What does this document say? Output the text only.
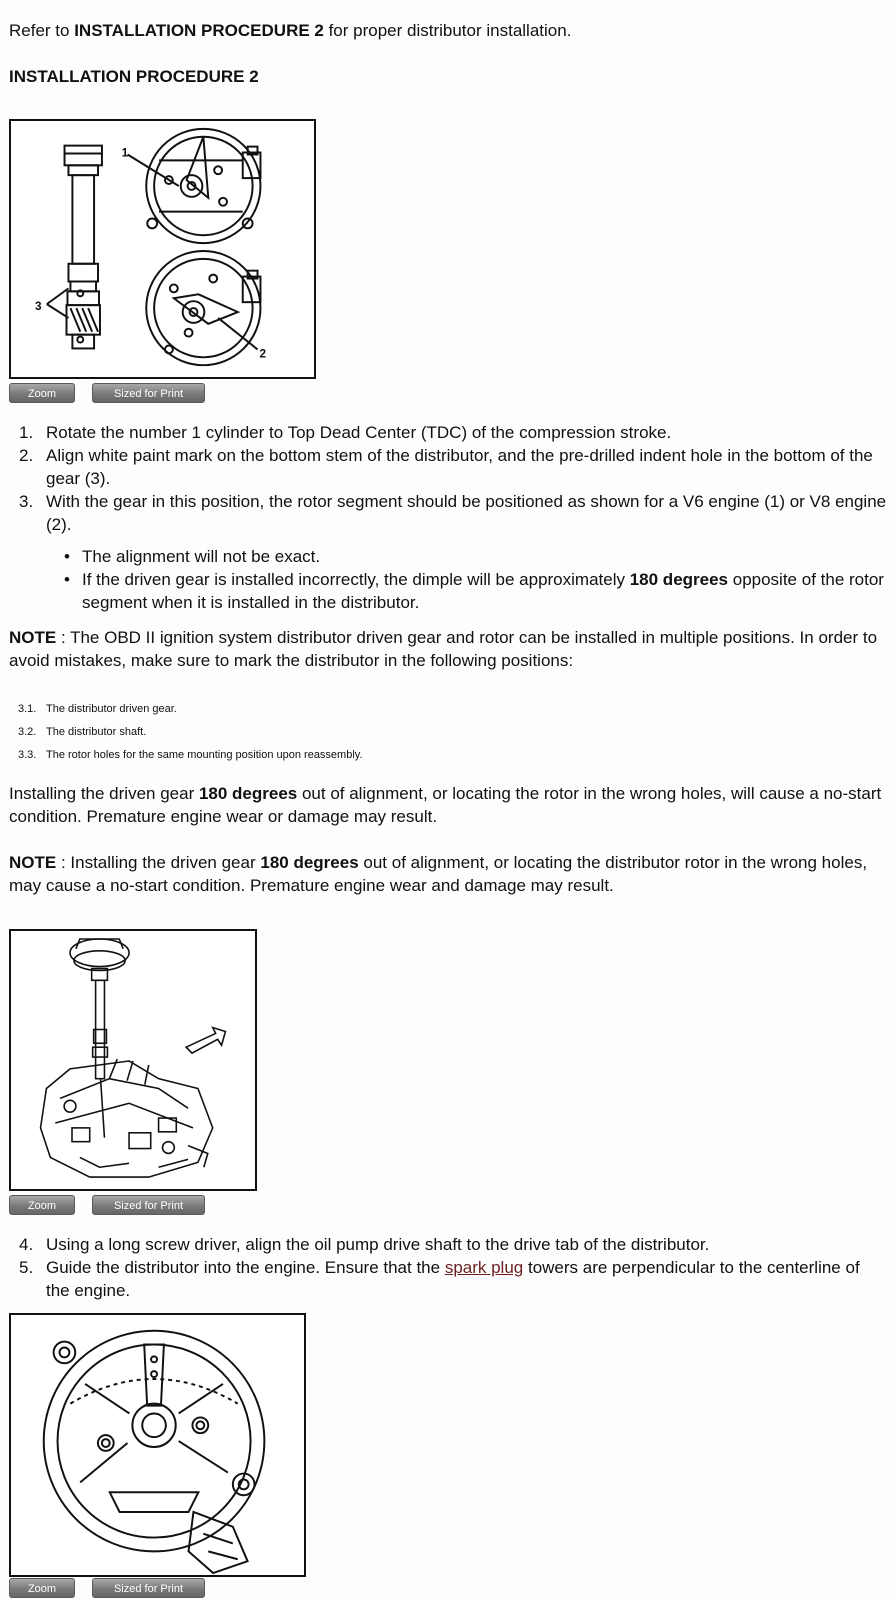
Refer to INSTALLATION PROCEDURE 2 for proper distributor installation.

INSTALLATION PROCEDURE 2

1
2
3
Zoom	Sized for Print
1. Rotate the number 1 cylinder to Top Dead Center (TDC) of the compression stroke.
2. Align white paint mark on the bottom stem of the distributor, and the pre-drilled indent hole in the bottom of the gear (3).
3. With the gear in this position, the rotor segment should be positioned as shown for a V6 engine (1) or V8 engine (2).
• The alignment will not be exact.
• If the driven gear is installed incorrectly, the dimple will be approximately 180 degrees opposite of the rotor segment when it is installed in the distributor.

NOTE : The OBD II ignition system distributor driven gear and rotor can be installed in multiple positions. In order to avoid mistakes, make sure to mark the distributor in the following positions:

3.1. The distributor driven gear.
3.2. The distributor shaft.
3.3. The rotor holes for the same mounting position upon reassembly.

Installing the driven gear 180 degrees out of alignment, or locating the rotor in the wrong holes, will cause a no-start condition. Premature engine wear or damage may result.

NOTE : Installing the driven gear 180 degrees out of alignment, or locating the distributor rotor in the wrong holes, may cause a no-start condition. Premature engine wear and damage may result.

Zoom	Sized for Print
4. Using a long screw driver, align the oil pump drive shaft to the drive tab of the distributor.
5. Guide the distributor into the engine. Ensure that the spark plug towers are perpendicular to the centerline of the engine.
Zoom	Sized for Print
